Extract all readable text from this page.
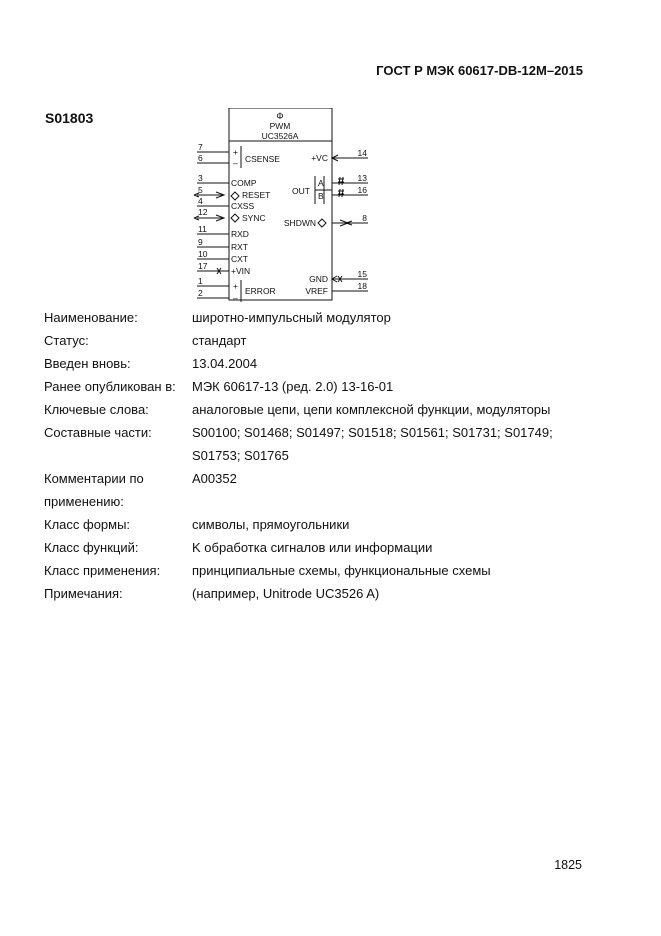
ГОСТ Р МЭК 60617-DB-12M–2015
S01803	Φ
PWM
UC3526A
7
6
3
5
4
12
11
9
10
17
1
2
+
–
COMP
RESET
CXSS
SYNC
RXD
RXT
CXT
+VIN
+
–
CSENSE
ERROR
OUT
+VC
A
B
SHDWN
GND
VREF
14
13
16
8
15
18
Наименование:	широтно-импульсный модулятор
Статус:	стандарт
Введен вновь:	13.04.2004
Ранее опубликован в:	МЭК 60617-13 (ред. 2.0) 13-16-01
Ключевые слова:	аналоговые цепи, цепи комплексной функции, модуляторы
Составные части:	S00100; S01468; S01497; S01518; S01561; S01731; S01749; S01753; S01765
Комментарии по применению:
A00352
Класс формы:	символы, прямоугольники
Класс функций:	K обработка сигналов или информации
Класс применения:	принципиальные схемы, функциональные схемы
Примечания:	(например, Unitrode UC3526 A)
1825
